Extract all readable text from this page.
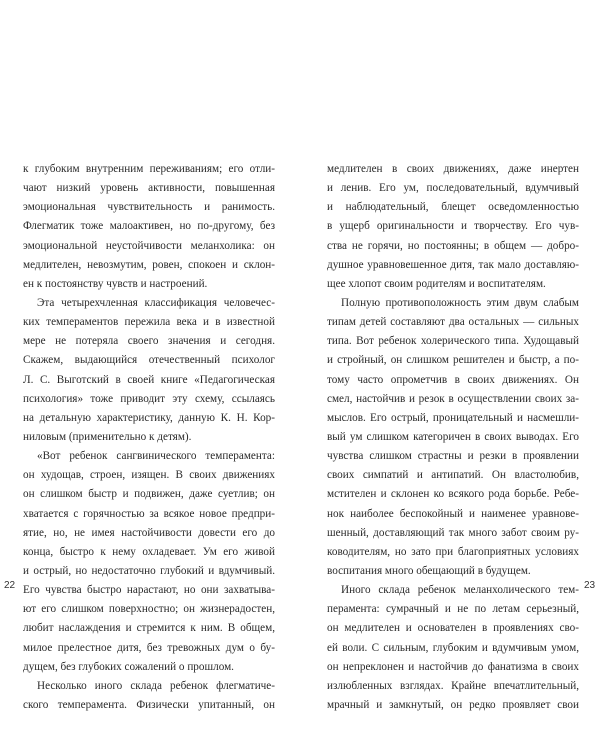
к глубоким внутренним переживаниям; его отли-
чают низкий уровень активности, повышенная
эмоциональная чувствительность и ранимость.
Флегматик тоже малоактивен, но по-другому, без
эмоциональной неустойчивости меланхолика: он
медлителен, невозмутим, ровен, спокоен и склон-
ен к постоянству чувств и настроений.
Эта четырехчленная классификация человечес-
ких темпераментов пережила века и в известной
мере не потеряла своего значения и сегодня.
Скажем, выдающийся отечественный психолог
Л. С. Выготский в своей книге «Педагогическая
психология» тоже приводит эту схему, ссылаясь
на детальную характеристику, данную К. Н. Кор-
ниловым (применительно к детям).
«Вот ребенок сангвинического темперамента:
он худощав, строен, изящен. В своих движениях
он слишком быстр и подвижен, даже суетлив; он
хватается с горячностью за всякое новое предпри-
ятие, но, не имея настойчивости довести его до
конца, быстро к нему охладевает. Ум его живой
и острый, но недостаточно глубокий и вдумчивый.
Его чувства быстро нарастают, но они захватыва-
ют его слишком поверхностно; он жизнерадостен,
любит наслаждения и стремится к ним. В общем,
милое прелестное дитя, без тревожных дум о бу-
дущем, без глубоких сожалений о прошлом.
Несколько иного склада ребенок флегматиче-
ского темперамента. Физически упитанный, он
22
медлителен в своих движениях, даже инертен
и ленив. Его ум, последовательный, вдумчивый
и наблюдательный, блещет осведомленностью
в ущерб оригинальности и творчеству. Его чув-
ства не горячи, но постоянны; в общем — добро-
душное уравновешенное дитя, так мало доставляю-
щее хлопот своим родителям и воспитателям.
Полную противоположность этим двум слабым
типам детей составляют два остальных — сильных
типа. Вот ребенок холерического типа. Худощавый
и стройный, он слишком решителен и быстр, а по-
тому часто опрометчив в своих движениях. Он
смел, настойчив и резок в осуществлении своих за-
мыслов. Его острый, проницательный и насмешли-
вый ум слишком категоричен в своих выводах. Его
чувства слишком страстны и резки в проявлении
своих симпатий и антипатий. Он властолюбив,
мстителен и склонен ко всякого рода борьбе. Ребе-
нок наиболее беспокойный и наименее уравнове-
шенный, доставляющий так много забот своим ру-
ководителям, но зато при благоприятных условиях
воспитания много обещающий в будущем.
Иного склада ребенок меланхолического тем-
перамента: сумрачный и не по летам серьезный,
он медлителен и основателен в проявлениях сво-
ей воли. С сильным, глубоким и вдумчивым умом,
он непреклонен и настойчив до фанатизма в своих
излюбленных взглядах. Крайне впечатлительный,
мрачный и замкнутый, он редко проявляет свои
23
